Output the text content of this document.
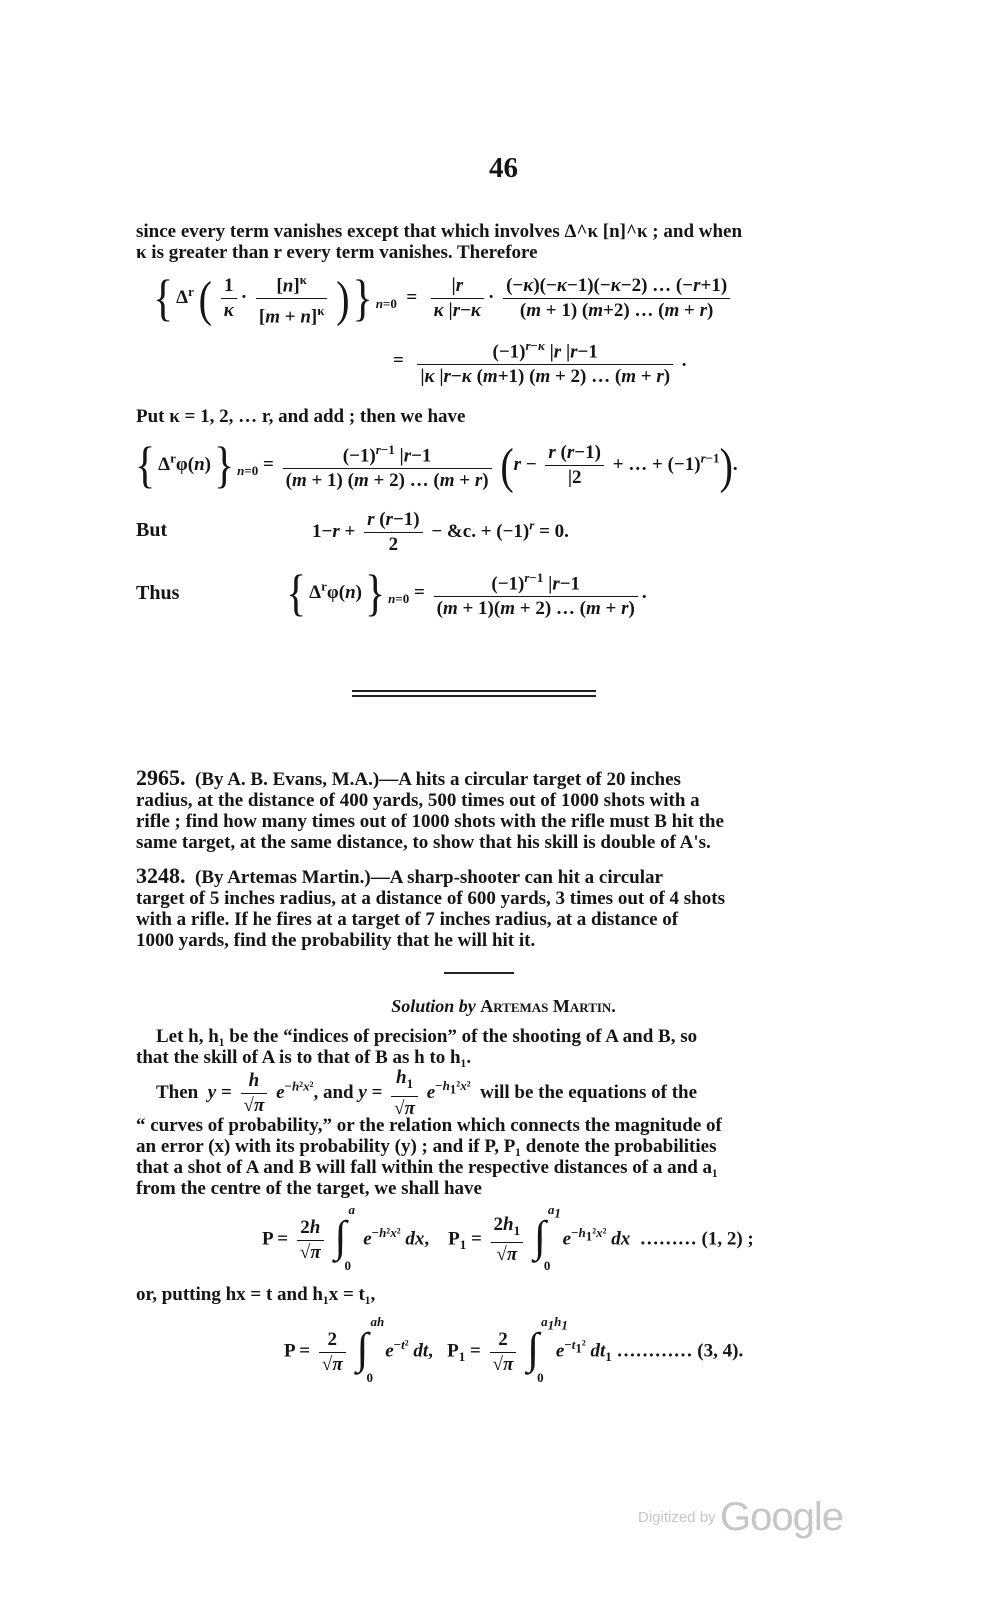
46
since every term vanishes except that which involves Δ^κ [n]^κ ; and when
κ is greater than r every term vanishes. Therefore
{ $\Delta^r$ ( $\frac{1}{\kappa} \cdot \frac{[n]^\kappa}{[m + n]^\kappa}$ )} $_{n=0} = \frac{|r}{\kappa |r-\kappa} \cdot \frac{(-\kappa)(-\kappa-1)(-\kappa-2) \dots (-r+1)}{(m + 1) (m+2) \dots (m + r)}$
= $\frac{(-1)^{r-\kappa} |r |r-1}{|\kappa |r-\kappa (m+1) (m + 2) \dots (m + r)}$ .
Put κ = 1, 2, … r, and add ; then we have
{ $\Delta^r\varphi(n)$} $_{n=0} = \frac{(-1)^{r-1} |r-1}{(m + 1) (m + 2) \dots (m + r)} (r - \frac{r (r-1)}{|2}$ + … + $(-1)^{r-1}$).
But	$1-r + \frac{r (r-1)}{2}$ − &c. + $(-1)^r = 0$.
Thus	{ $\Delta^r\varphi(n)$} $_{n=0} = \frac{(-1)^{r-1} |r-1}{(m + 1)(m + 2) \dots (m + r)}$ .
2965. (By A. B. Evans, M.A.)—A hits a circular target of 20 inches
radius, at the distance of 400 yards, 500 times out of 1000 shots with a
rifle ; find how many times out of 1000 shots with the rifle must B hit the
same target, at the same distance, to show that his skill is double of A's.
3248. (By Artemas Martin.)—A sharp-shooter can hit a circular
target of 5 inches radius, at a distance of 600 yards, 3 times out of 4 shots
with a rifle. If he fires at a target of 7 inches radius, at a distance of
1000 yards, find the probability that he will hit it.
Solution by Artemas Martin.
Let h, h₁ be the “indices of precision” of the shooting of A and B, so
that the skill of A is to that of B as h to h₁.
Then $y = \frac{h}{√\pi} e^{-h^2x^2}$, and $y = \frac{h_1}{√\pi} e^{-h_1^2x^2}$ will be the equations of the
“ curves of probability,” or the relation which connects the magnitude of
an error (x) with its probability (y) ; and if P, P₁ denote the probabilities
that a shot of A and B will fall within the respective distances of a and a₁
from the centre of the target, we shall have
$P = \frac{2h}{√\pi}$
∫
a
0
$e^{-h^2x^2}$ dx,    $P_1 = \frac{2h_1}{√\pi}$
∫
$a_1$
0
$e^{-h_1^2x^2}$ dx ……… (1, 2) ;
or, putting hx = t and h₁x = t₁,
$P = \frac{2}{√\pi}$
∫
ah
0
$e^{-t^2}$ dt,   $P_1 = \frac{2}{√\pi}$
∫
$a_1h_1$
0
$e^{-t_1^2}$ $dt_1$ ………… (3, 4).
Digitized by Google
